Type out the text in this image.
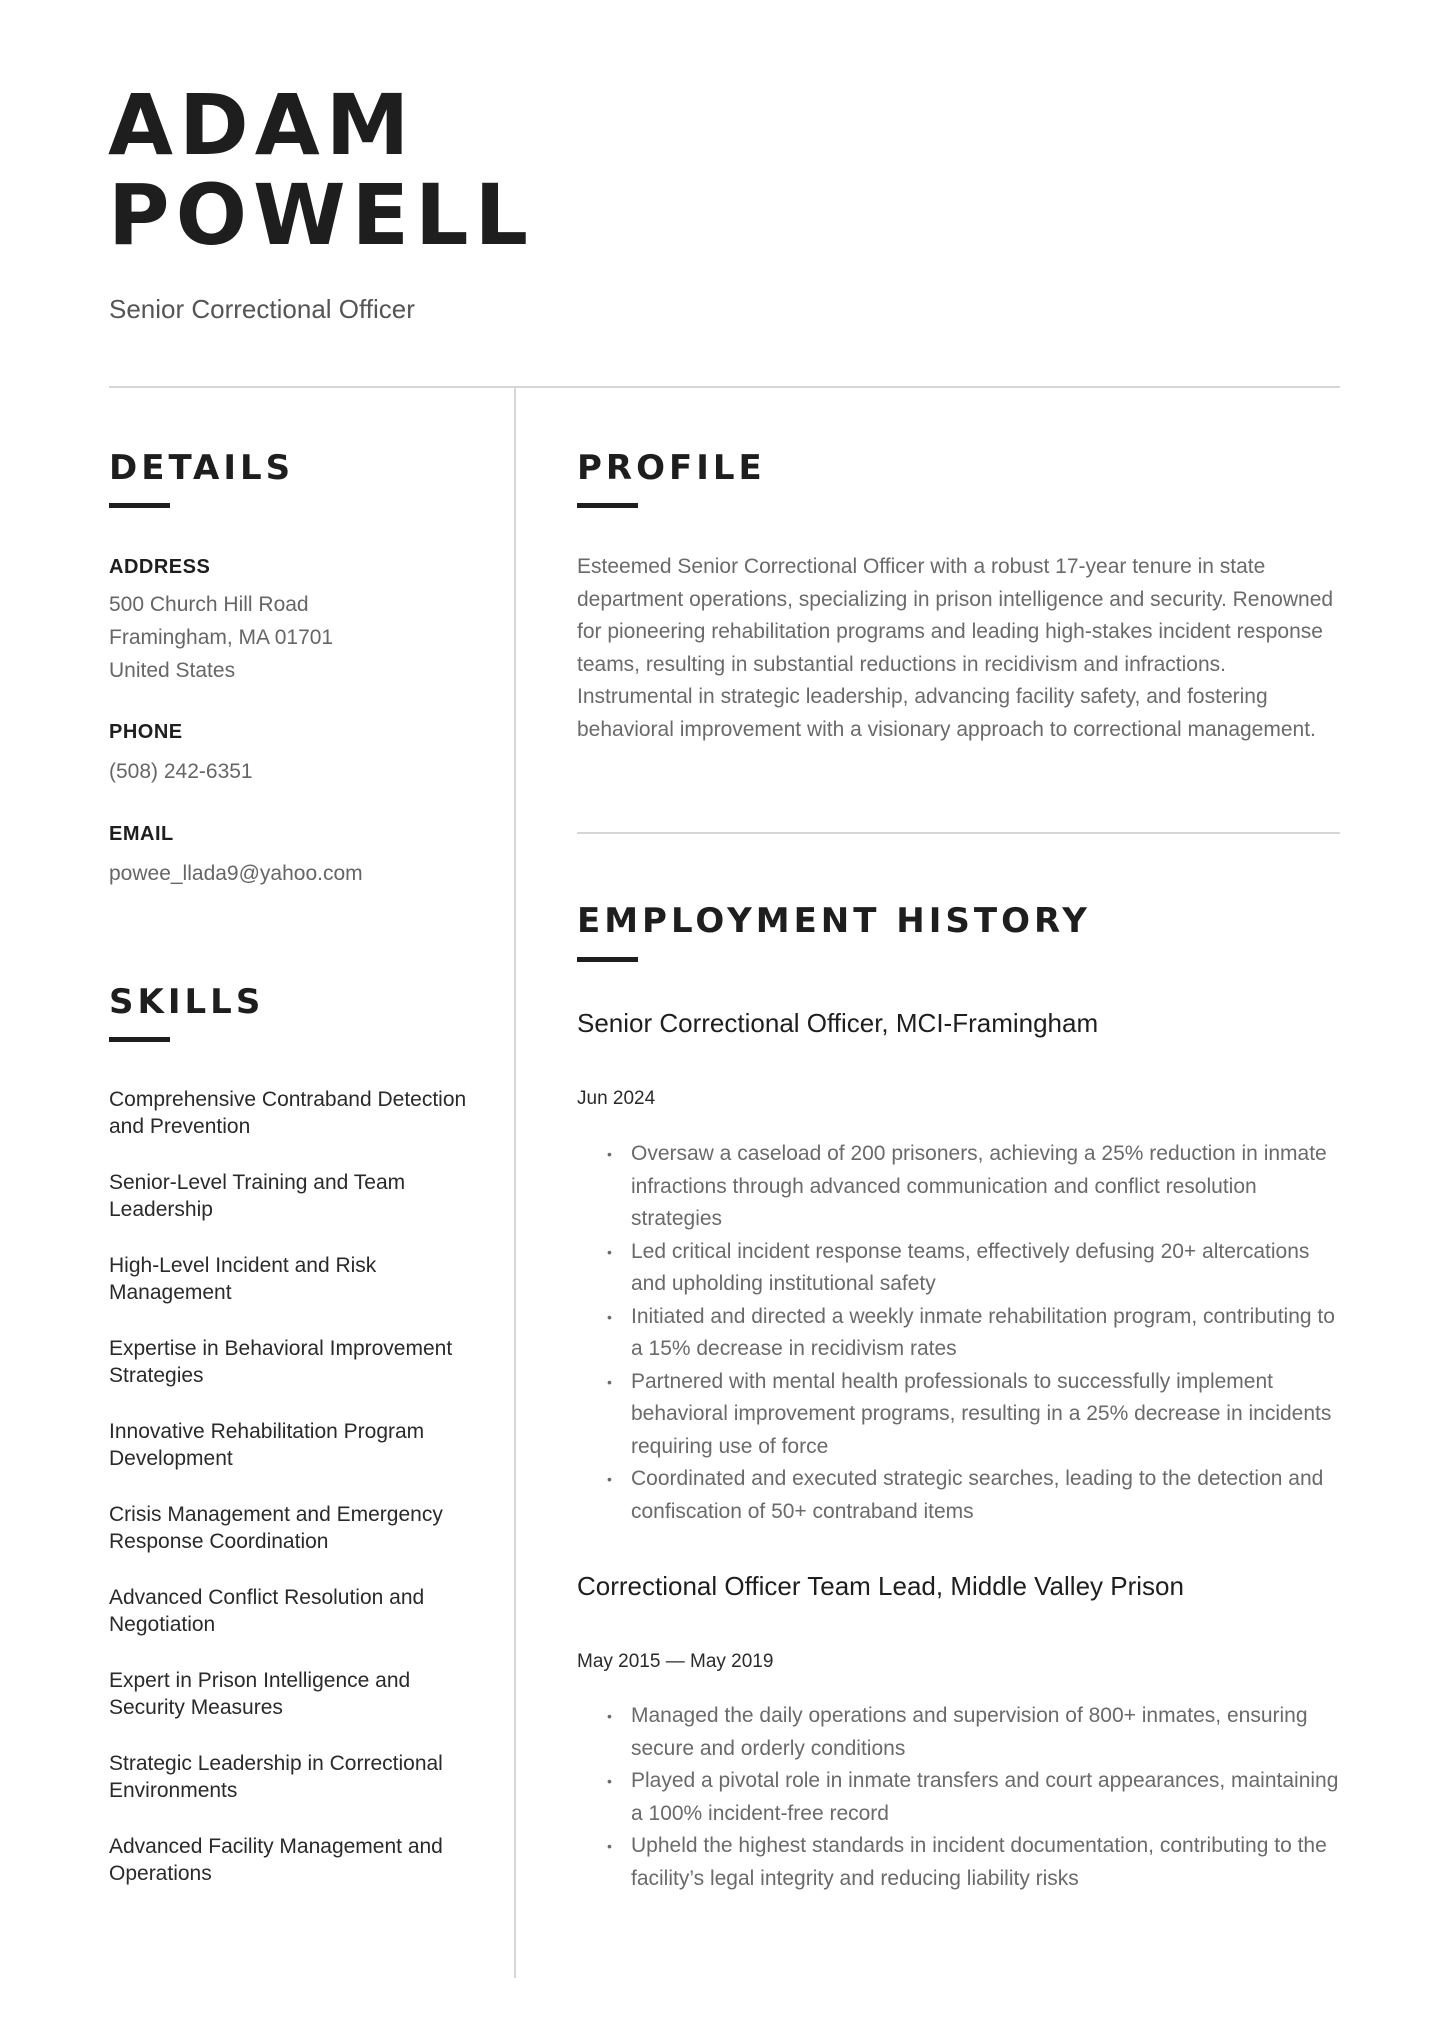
ADAM
POWELL
Senior Correctional Officer
DETAILS
ADDRESS
500 Church Hill Road
Framingham, MA 01701
United States
PHONE
(508) 242-6351
EMAIL
powee_llada9@yahoo.com
SKILLS
Comprehensive Contraband Detection and Prevention
Senior-Level Training and Team Leadership
High-Level Incident and Risk Management
Expertise in Behavioral Improvement Strategies
Innovative Rehabilitation Program Development
Crisis Management and Emergency Response Coordination
Advanced Conflict Resolution and Negotiation
Expert in Prison Intelligence and Security Measures
Strategic Leadership in Correctional Environments
Advanced Facility Management and Operations
PROFILE
Esteemed Senior Correctional Officer with a robust 17-year tenure in state department operations, specializing in prison intelligence and security. Renowned for pioneering rehabilitation programs and leading high-stakes incident response teams, resulting in substantial reductions in recidivism and infractions. Instrumental in strategic leadership, advancing facility safety, and fostering behavioral improvement with a visionary approach to correctional management.
EMPLOYMENT HISTORY
Senior Correctional Officer, MCI-Framingham
Jun 2024
• Oversaw a caseload of 200 prisoners, achieving a 25% reduction in inmate infractions through advanced communication and conflict resolution strategies
• Led critical incident response teams, effectively defusing 20+ altercations and upholding institutional safety
• Initiated and directed a weekly inmate rehabilitation program, contributing to a 15% decrease in recidivism rates
• Partnered with mental health professionals to successfully implement behavioral improvement programs, resulting in a 25% decrease in incidents requiring use of force
• Coordinated and executed strategic searches, leading to the detection and confiscation of 50+ contraband items
Correctional Officer Team Lead, Middle Valley Prison
May 2015 — May 2019
• Managed the daily operations and supervision of 800+ inmates, ensuring secure and orderly conditions
• Played a pivotal role in inmate transfers and court appearances, maintaining a 100% incident-free record
• Upheld the highest standards in incident documentation, contributing to the facility’s legal integrity and reducing liability risks
